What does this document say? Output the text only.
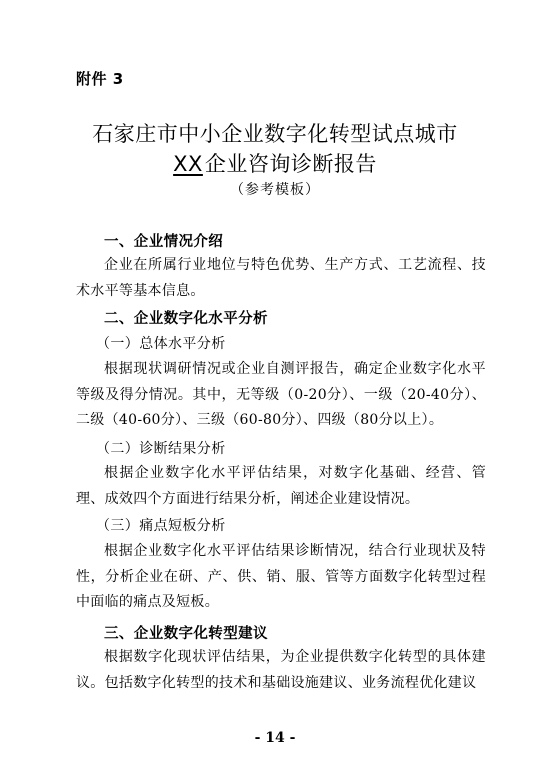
附件 3
石家庄市中小企业数字化转型试点城市
XX企业咨询诊断报告
（参考模板）
一、企业情况介绍
企业在所属行业地位与特色优势、生产方式、工艺流程、技术水平等基本信息。
二、企业数字化水平分析
（一）总体水平分析
根据现状调研情况或企业自测评报告，确定企业数字化水平等级及得分情况。其中，无等级（0-20分）、一级（20-40分）、二级（40-60分）、三级（60-80分）、四级（80分以上）。
（二）诊断结果分析
根据企业数字化水平评估结果，对数字化基础、经营、管理、成效四个方面进行结果分析，阐述企业建设情况。
（三）痛点短板分析
根据企业数字化水平评估结果诊断情况，结合行业现状及特性，分析企业在研、产、供、销、服、管等方面数字化转型过程中面临的痛点及短板。
三、企业数字化转型建议
根据数字化现状评估结果，为企业提供数字化转型的具体建议。包括数字化转型的技术和基础设施建议、业务流程优化建议
- 14 -
